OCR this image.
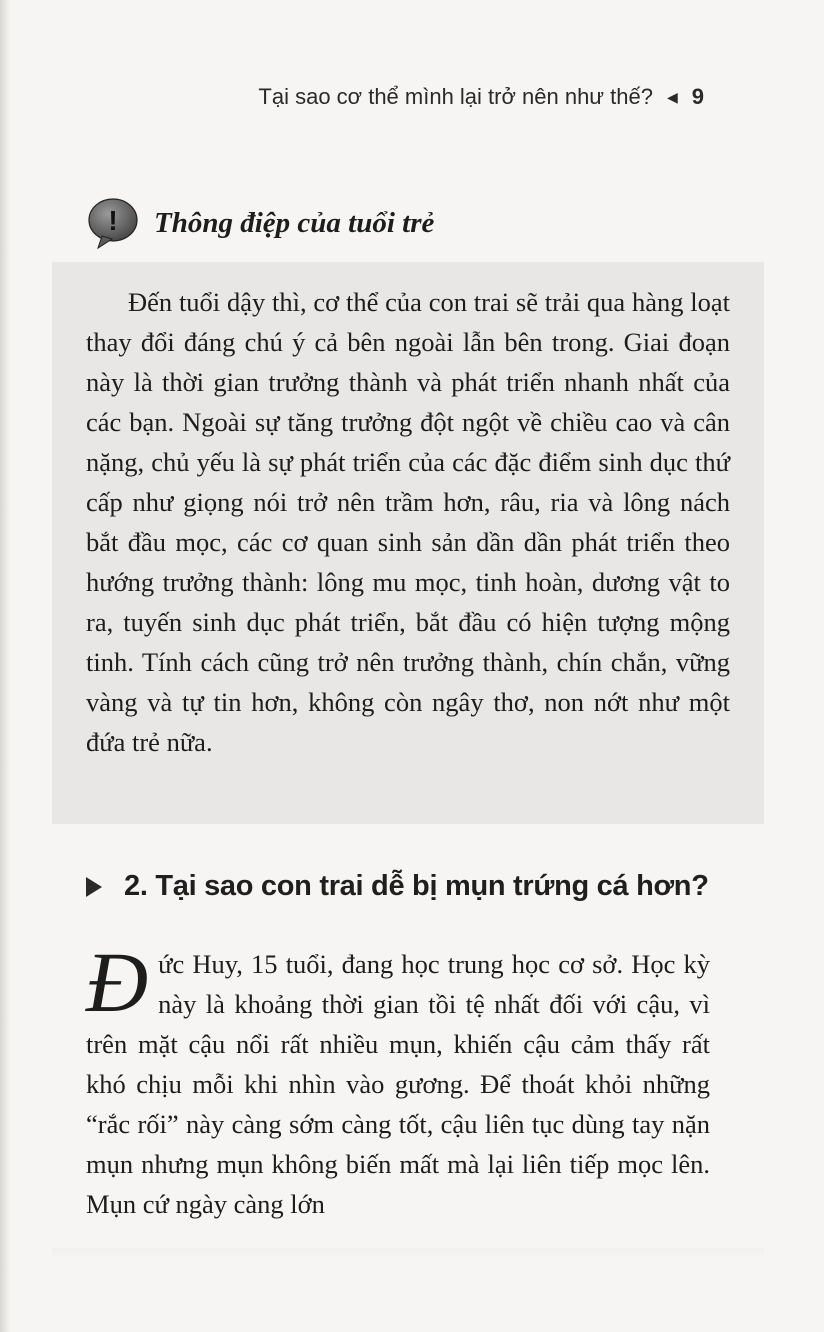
Tại sao cơ thể mình lại trở nên như thế? ◀ 9
! Thông điệp của tuổi trẻ

Đến tuổi dậy thì, cơ thể của con trai sẽ trải qua hàng loạt thay đổi đáng chú ý cả bên ngoài lẫn bên trong. Giai đoạn này là thời gian trưởng thành và phát triển nhanh nhất của các bạn. Ngoài sự tăng trưởng đột ngột về chiều cao và cân nặng, chủ yếu là sự phát triển của các đặc điểm sinh dục thứ cấp như giọng nói trở nên trầm hơn, râu, ria và lông nách bắt đầu mọc, các cơ quan sinh sản dần dần phát triển theo hướng trưởng thành: lông mu mọc, tinh hoàn, dương vật to ra, tuyến sinh dục phát triển, bắt đầu có hiện tượng mộng tinh. Tính cách cũng trở nên trưởng thành, chín chắn, vững vàng và tự tin hơn, không còn ngây thơ, non nớt như một đứa trẻ nữa.

2. Tại sao con trai dễ bị mụn trứng cá hơn?
Đ ức Huy, 15 tuổi, đang học trung học cơ sở. Học kỳ này là khoảng thời gian tồi tệ nhất đối với cậu, vì trên mặt cậu nổi rất nhiều mụn, khiến cậu cảm thấy rất khó chịu mỗi khi nhìn vào gương. Để thoát khỏi những “rắc rối” này càng sớm càng tốt, cậu liên tục dùng tay nặn mụn nhưng mụn không biến mất mà lại liên tiếp mọc lên. Mụn cứ ngày càng lớn
